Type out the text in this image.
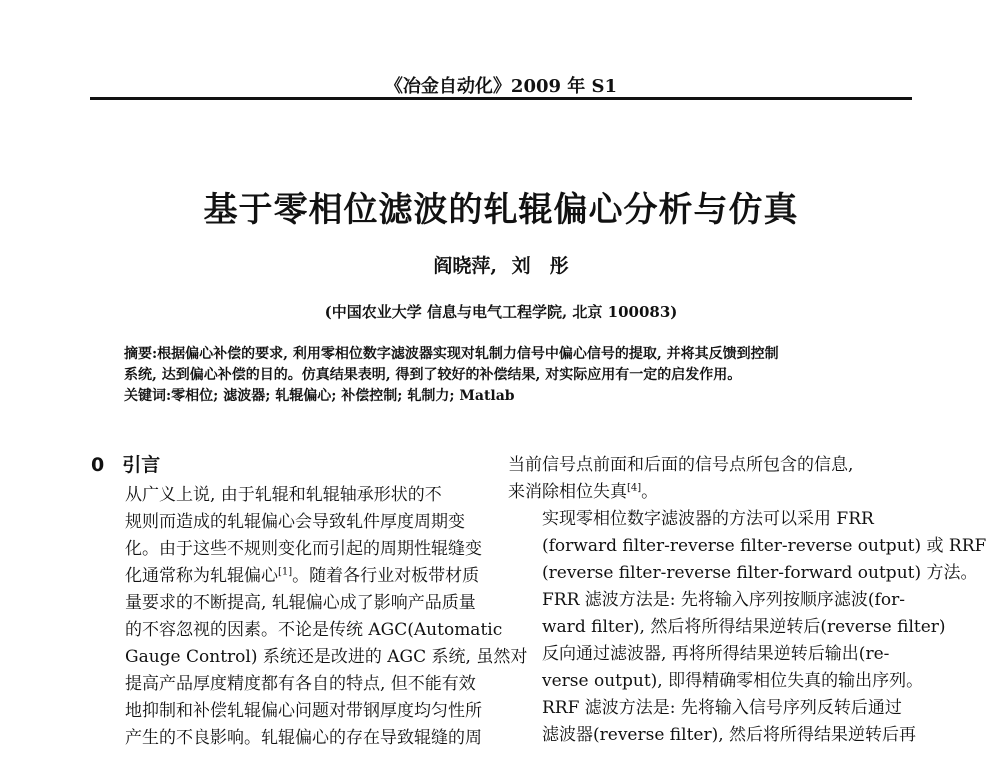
《冶金自动化》2009 年 S1
基于零相位滤波的轧辊偏心分析与仿真
阎晓萍, 刘　彤
(中国农业大学 信息与电气工程学院, 北京 100083)

摘要:根据偏心补偿的要求, 利用零相位数字滤波器实现对轧制力信号中偏心信号的提取, 并将其反馈到控制

系统, 达到偏心补偿的目的。仿真结果表明, 得到了较好的补偿结果, 对实际应用有一定的启发作用。

关键词:零相位; 滤波器; 轧辊偏心; 补偿控制; 轧制力; Matlab

0 引言

从广义上说, 由于轧辊和轧辊轴承形状的不
规则而造成的轧辊偏心会导致轧件厚度周期变
化。由于这些不规则变化而引起的周期性辊缝变
化通常称为轧辊偏心[1]。随着各行业对板带材质
量要求的不断提高, 轧辊偏心成了影响产品质量
的不容忽视的因素。不论是传统 AGC(Automatic
Gauge Control) 系统还是改进的 AGC 系统, 虽然对
提高产品厚度精度都有各自的特点, 但不能有效
地抑制和补偿轧辊偏心问题对带钢厚度均匀性所
产生的不良影响。轧辊偏心的存在导致辊缝的周

当前信号点前面和后面的信号点所包含的信息,
来消除相位失真[4]。

实现零相位数字滤波器的方法可以采用 FRR
(forward filter-reverse filter-reverse output) 或 RRF
(reverse filter-reverse filter-forward output) 方法。
FRR 滤波方法是: 先将输入序列按顺序滤波(for-
ward filter), 然后将所得结果逆转后(reverse filter)
反向通过滤波器, 再将所得结果逆转后输出(re-
verse output), 即得精确零相位失真的输出序列。
RRF 滤波方法是: 先将输入信号序列反转后通过
滤波器(reverse filter), 然后将所得结果逆转后再
